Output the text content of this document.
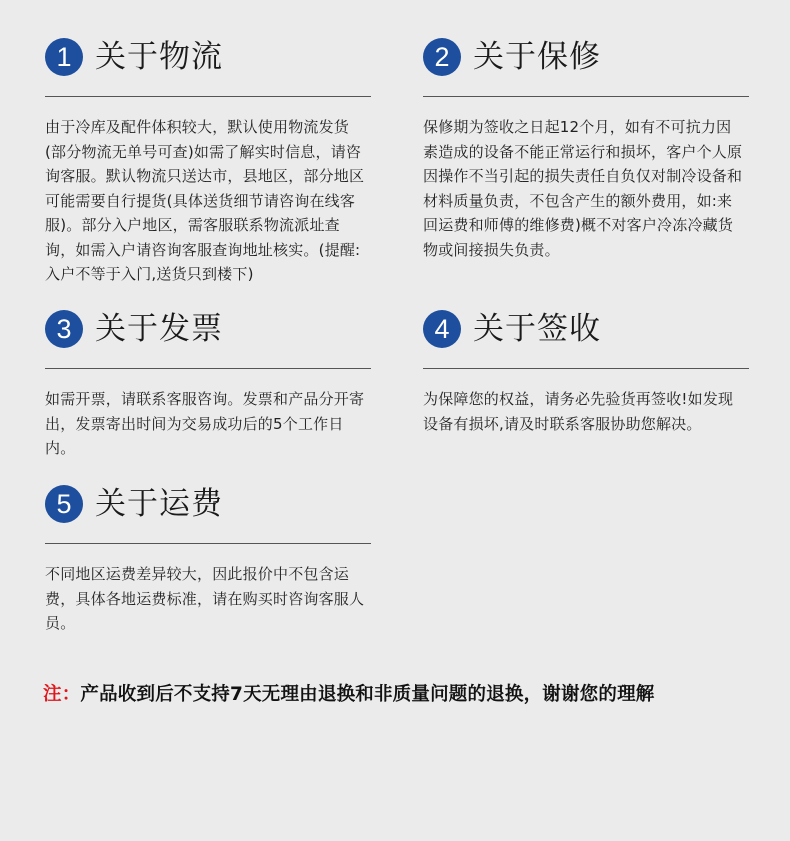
1 关于物流
由于冷库及配件体积较大，默认使用物流发货(部分物流无单号可查)如需了解实时信息，请咨询客服。默认物流只送达市，县地区，部分地区可能需要自行提货(具体送货细节请咨询在线客服)。部分入户地区，需客服联系物流派址查询，如需入户请咨询客服查询地址核实。(提醒:入户不等于入门,送货只到楼下)
2 关于保修
保修期为签收之日起12个月，如有不可抗力因素造成的设备不能正常运行和损坏，客户个人原因操作不当引起的损失责任自负仅对制冷设备和材料质量负责，不包含产生的额外费用，如:来回运费和师傅的维修费)概不对客户冷冻冷藏货物或间接损失负责。
3 关于发票
如需开票，请联系客服咨询。发票和产品分开寄出，发票寄出时间为交易成功后的5个工作日内。
4 关于签收
为保障您的权益，请务必先验货再签收!如发现设备有损坏,请及时联系客服协助您解决。
5 关于运费
不同地区运费差异较大，因此报价中不包含运费，具体各地运费标准，请在购买时咨询客服人员。
注：产品收到后不支持7天无理由退换和非质量问题的退换，谢谢您的理解
